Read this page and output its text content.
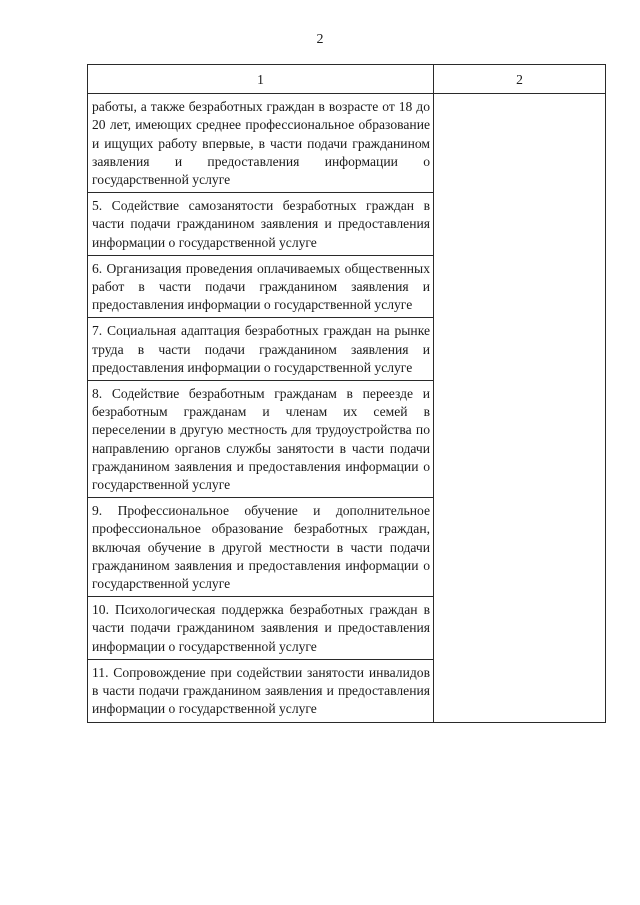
2
1	2
работы, а также безработных граждан в возрасте от 18 до 20 лет, имеющих среднее профессиональное образование и ищущих работу впервые, в части подачи гражданином заявления и предоставления информации о государственной услуге	
5. Содействие самозанятости безработных граждан в части подачи гражданином заявления и предоставления информации о государственной услуге	
6. Организация проведения оплачиваемых общественных работ в части подачи гражданином заявления и предоставления информации о государственной услуге	
7. Социальная адаптация безработных граждан на рынке труда в части подачи гражданином заявления и предоставления информации о государственной услуге	
8. Содействие безработным гражданам в переезде и безработным гражданам и членам их семей в переселении в другую местность для трудоустройства по направлению органов службы занятости в части подачи гражданином заявления и предоставления информации о государственной услуге	
9. Профессиональное обучение и дополнительное профессиональное образование безработных граждан, включая обучение в другой местности в части подачи гражданином заявления и предоставления информации о государственной услуге	
10. Психологическая поддержка безработных граждан в части подачи гражданином заявления и предоставления информации о государственной услуге	
11. Сопровождение при содействии занятости инвалидов в части подачи гражданином заявления и предоставления информации о государственной услуге	
